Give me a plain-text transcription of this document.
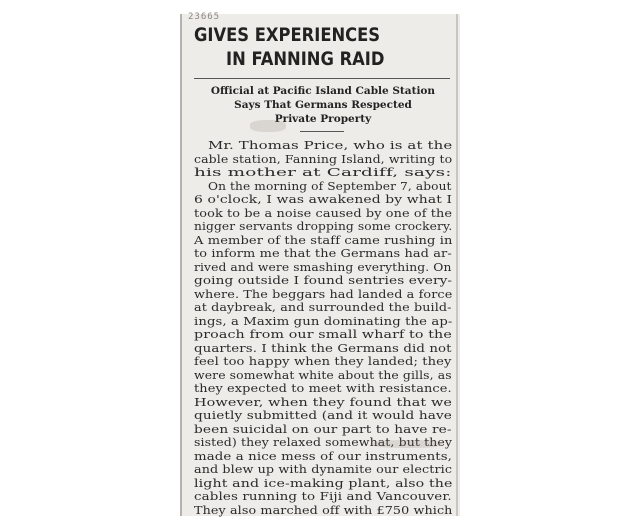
23665
GIVES EXPERIENCES
IN FANNING RAID
Official at Pacific Island Cable Station
Says That Germans Respected
Private Property
Mr. Thomas Price, who is at the
cable station, Fanning Island, writing to
his mother at Cardiff, says:
On the morning of September 7, about
6 o'clock, I was awakened by what I
took to be a noise caused by one of the
nigger servants dropping some crockery.
A member of the staff came rushing in
to inform me that the Germans had ar-
rived and were smashing everything. On
going outside I found sentries every-
where. The beggars had landed a force
at daybreak, and surrounded the build-
ings, a Maxim gun dominating the ap-
proach from our small wharf to the
quarters. I think the Germans did not
feel too happy when they landed; they
were somewhat white about the gills, as
they expected to meet with resistance.
However, when they found that we
quietly submitted (and it would have
been suicidal on our part to have re-
sisted) they relaxed somewhat, but they
made a nice mess of our instruments,
and blew up with dynamite our electric
light and ice-making plant, also the
cables running to Fiji and Vancouver.
They also marched off with £750 which
